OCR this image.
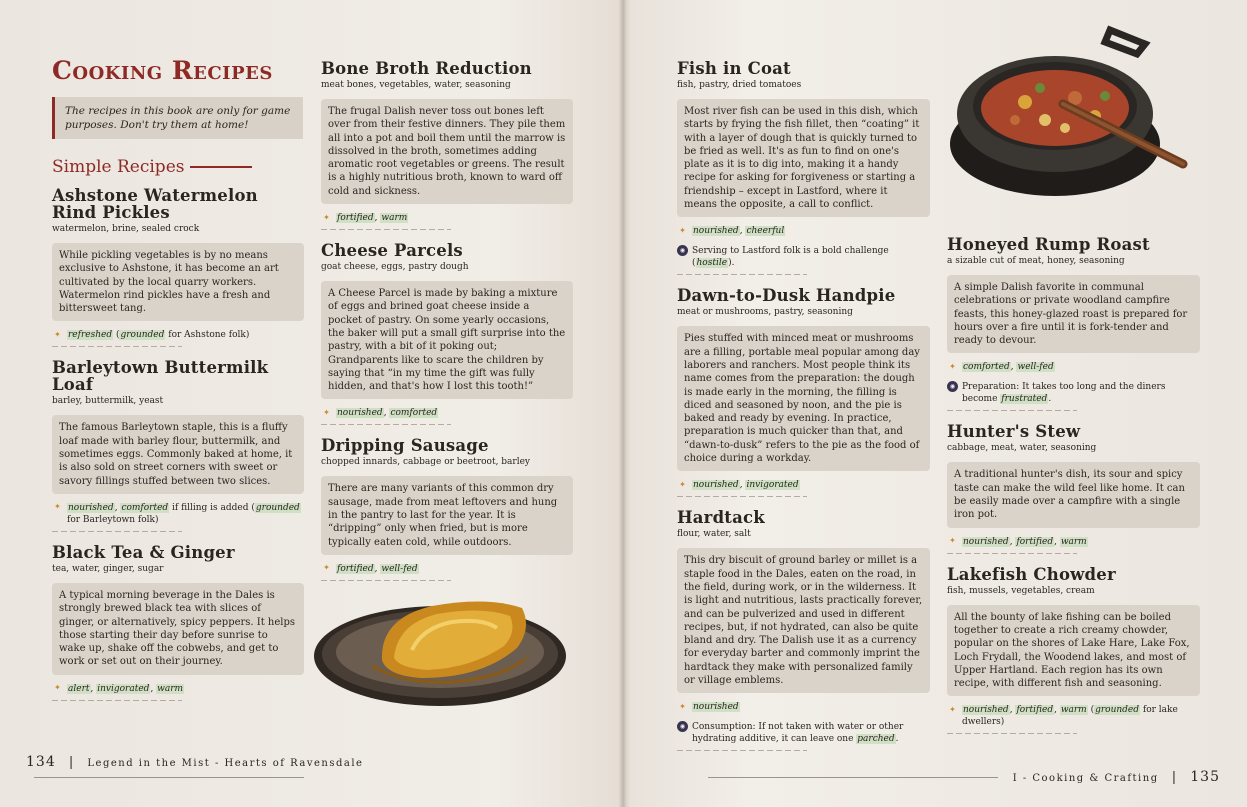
Cooking Recipes
The recipes in this book are only for game purposes. Don't try them at home!
Simple Recipes
Ashstone Watermelon Rind Pickles
watermelon, brine, sealed crock
While pickling vegetables is by no means exclusive to Ashstone, it has become an art cultivated by the local quarry workers. Watermelon rind pickles have a fresh and bittersweet tang.
✦ refreshed (grounded for Ashstone folk)
Barleytown Buttermilk Loaf
barley, buttermilk, yeast
The famous Barleytown staple, this is a fluffy loaf made with barley flour, buttermilk, and sometimes eggs. Commonly baked at home, it is also sold on street corners with sweet or savory fillings stuffed between two slices.
✦ nourished, comforted if filling is added (grounded for Barleytown folk)
Black Tea & Ginger
tea, water, ginger, sugar
A typical morning beverage in the Dales is strongly brewed black tea with slices of ginger, or alternatively, spicy peppers. It helps those starting their day before sunrise to wake up, shake off the cobwebs, and get to work or set out on their journey.
✦ alert, invigorated, warm
Bone Broth Reduction
meat bones, vegetables, water, seasoning
The frugal Dalish never toss out bones left over from their festive dinners. They pile them all into a pot and boil them until the marrow is dissolved in the broth, sometimes adding aromatic root vegetables or greens. The result is a highly nutritious broth, known to ward off cold and sickness.
✦ fortified, warm
Cheese Parcels
goat cheese, eggs, pastry dough
A Cheese Parcel is made by baking a mixture of eggs and brined goat cheese inside a pocket of pastry. On some yearly occasions, the baker will put a small gift surprise into the pastry, with a bit of it poking out; Grandparents like to scare the children by saying that “in my time the gift was fully hidden, and that's how I lost this tooth!”
✦ nourished, comforted
Dripping Sausage
chopped innards, cabbage or beetroot, barley
There are many variants of this common dry sausage, made from meat leftovers and hung in the pantry to last for the year. It is “dripping” only when fried, but is more typically eaten cold, while outdoors.
✦ fortified, well-fed
134 | Legend in the Mist - Hearts of Ravensdale
Fish in Coat
fish, pastry, dried tomatoes
Most river fish can be used in this dish, which starts by frying the fish fillet, then “coating” it with a layer of dough that is quickly turned to be fried as well. It's as fun to find on one's plate as it is to dig into, making it a handy recipe for asking for forgiveness or starting a friendship – except in Lastford, where it means the opposite, a call to conflict.
✦ nourished, cheerful
◉ Serving to Lastford folk is a bold challenge (hostile).
Dawn-to-Dusk Handpie
meat or mushrooms, pastry, seasoning
Pies stuffed with minced meat or mushrooms are a filling, portable meal popular among day laborers and ranchers. Most people think its name comes from the preparation: the dough is made early in the morning, the filling is diced and seasoned by noon, and the pie is baked and ready by evening. In practice, preparation is much quicker than that, and “dawn-to-dusk” refers to the pie as the food of choice during a workday.
✦ nourished, invigorated
Hardtack
flour, water, salt
This dry biscuit of ground barley or millet is a staple food in the Dales, eaten on the road, in the field, during work, or in the wilderness. It is light and nutritious, lasts practically forever, and can be pulverized and used in different recipes, but, if not hydrated, can also be quite bland and dry. The Dalish use it as a currency for everyday barter and commonly imprint the hardtack they make with personalized family or village emblems.
✦ nourished
◉ Consumption: If not taken with water or other hydrating additive, it can leave one parched.
Honeyed Rump Roast
a sizable cut of meat, honey, seasoning
A simple Dalish favorite in communal celebrations or private woodland campfire feasts, this honey-glazed roast is prepared for hours over a fire until it is fork-tender and ready to devour.
✦ comforted, well-fed
◉ Preparation: It takes too long and the diners become frustrated.
Hunter's Stew
cabbage, meat, water, seasoning
A traditional hunter's dish, its sour and spicy taste can make the wild feel like home. It can be easily made over a campfire with a single iron pot.
✦ nourished, fortified, warm
Lakefish Chowder
fish, mussels, vegetables, cream
All the bounty of lake fishing can be boiled together to create a rich creamy chowder, popular on the shores of Lake Hare, Lake Fox, Loch Frydall, the Woodend lakes, and most of Upper Hartland. Each region has its own recipe, with different fish and seasoning.
✦ nourished, fortified, warm (grounded for lake dwellers)
I - Cooking & Crafting | 135
